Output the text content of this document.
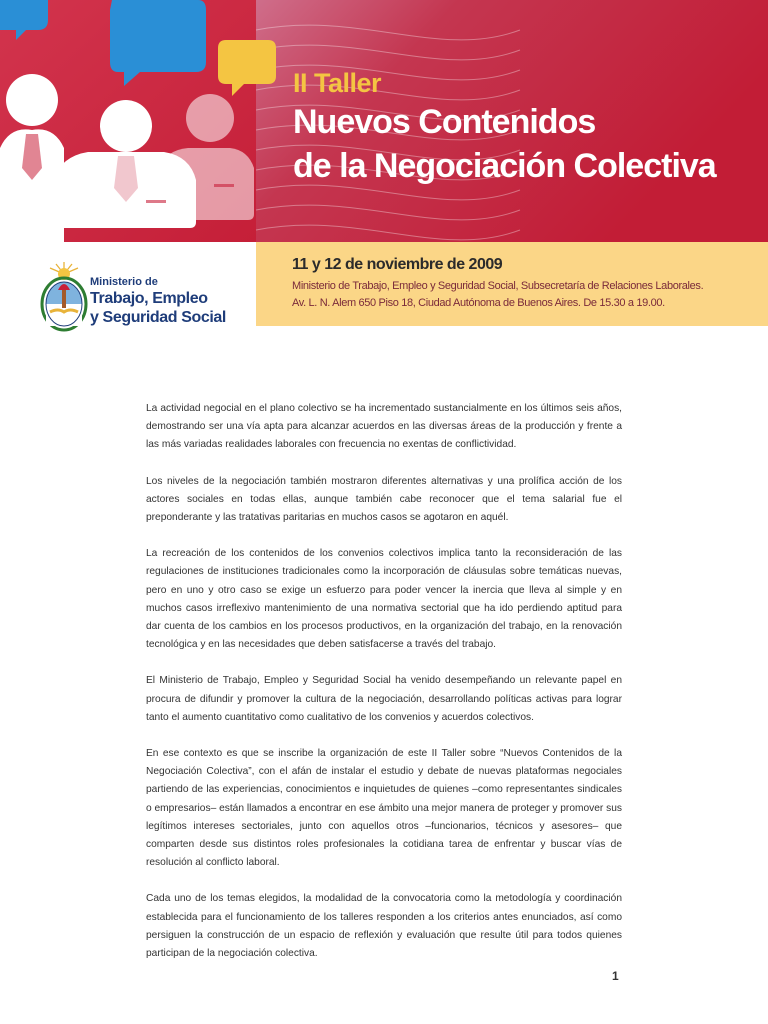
II Taller
Nuevos Contenidos
de la Negociación Colectiva
Ministerio de
Trabajo, Empleo
y Seguridad Social
11 y 12 de noviembre de 2009
Ministerio de Trabajo, Empleo y Seguridad Social, Subsecretaría de Relaciones Laborales.
Av. L. N. Alem 650 Piso 18, Ciudad Autónoma de Buenos Aires. De 15.30 a 19.00.

La actividad negocial en el plano colectivo se ha incrementado sustancialmente en los últimos seis años, demostrando ser una vía apta para alcanzar acuerdos en las diversas áreas de la producción y frente a las más variadas realidades laborales con frecuencia no exentas de conflictividad.

Los niveles de la negociación también mostraron diferentes alternativas y una prolífica acción de los actores sociales en todas ellas, aunque también cabe reconocer que el tema salarial fue el preponderante y las tratativas paritarias en muchos casos se agotaron en aquél.

La recreación de los contenidos de los convenios colectivos implica tanto la reconsideración de las regulaciones de instituciones tradicionales como la incorporación de cláusulas sobre temáticas nuevas, pero en uno y otro caso se exige un esfuerzo para poder vencer la inercia que lleva al simple y en muchos casos irreflexivo mantenimiento de una normativa sectorial que ha ido perdiendo aptitud para dar cuenta de los cambios en los procesos productivos, en la organización del trabajo, en la renovación tecnológica y en las necesidades que deben satisfacerse a través del trabajo.

El Ministerio de Trabajo, Empleo y Seguridad Social ha venido desempeñando un relevante papel en procura de difundir y promover la cultura de la negociación, desarrollando políticas activas para lograr tanto el aumento cuantitativo como cualitativo de los convenios y acuerdos colectivos.

En ese contexto es que se inscribe la organización de este II Taller sobre “Nuevos Contenidos de la Negociación Colectiva”, con el afán de instalar el estudio y debate de nuevas plataformas negociales partiendo de las experiencias, conocimientos e inquietudes de quienes –como representantes sindicales o empresarios– están llamados a encontrar en ese ámbito una mejor manera de proteger y promover sus legítimos intereses sectoriales, junto con aquellos otros –funcionarios, técnicos y asesores– que comparten desde sus distintos roles profesionales la cotidiana tarea de enfrentar y buscar vías de resolución al conflicto laboral.

Cada uno de los temas elegidos, la modalidad de la convocatoria como la metodología y coordinación establecida para el funcionamiento de los talleres responden a los criterios antes enunciados, así como persiguen la construcción de un espacio de reflexión y evaluación que resulte útil para todos quienes participan de la negociación colectiva.

1
